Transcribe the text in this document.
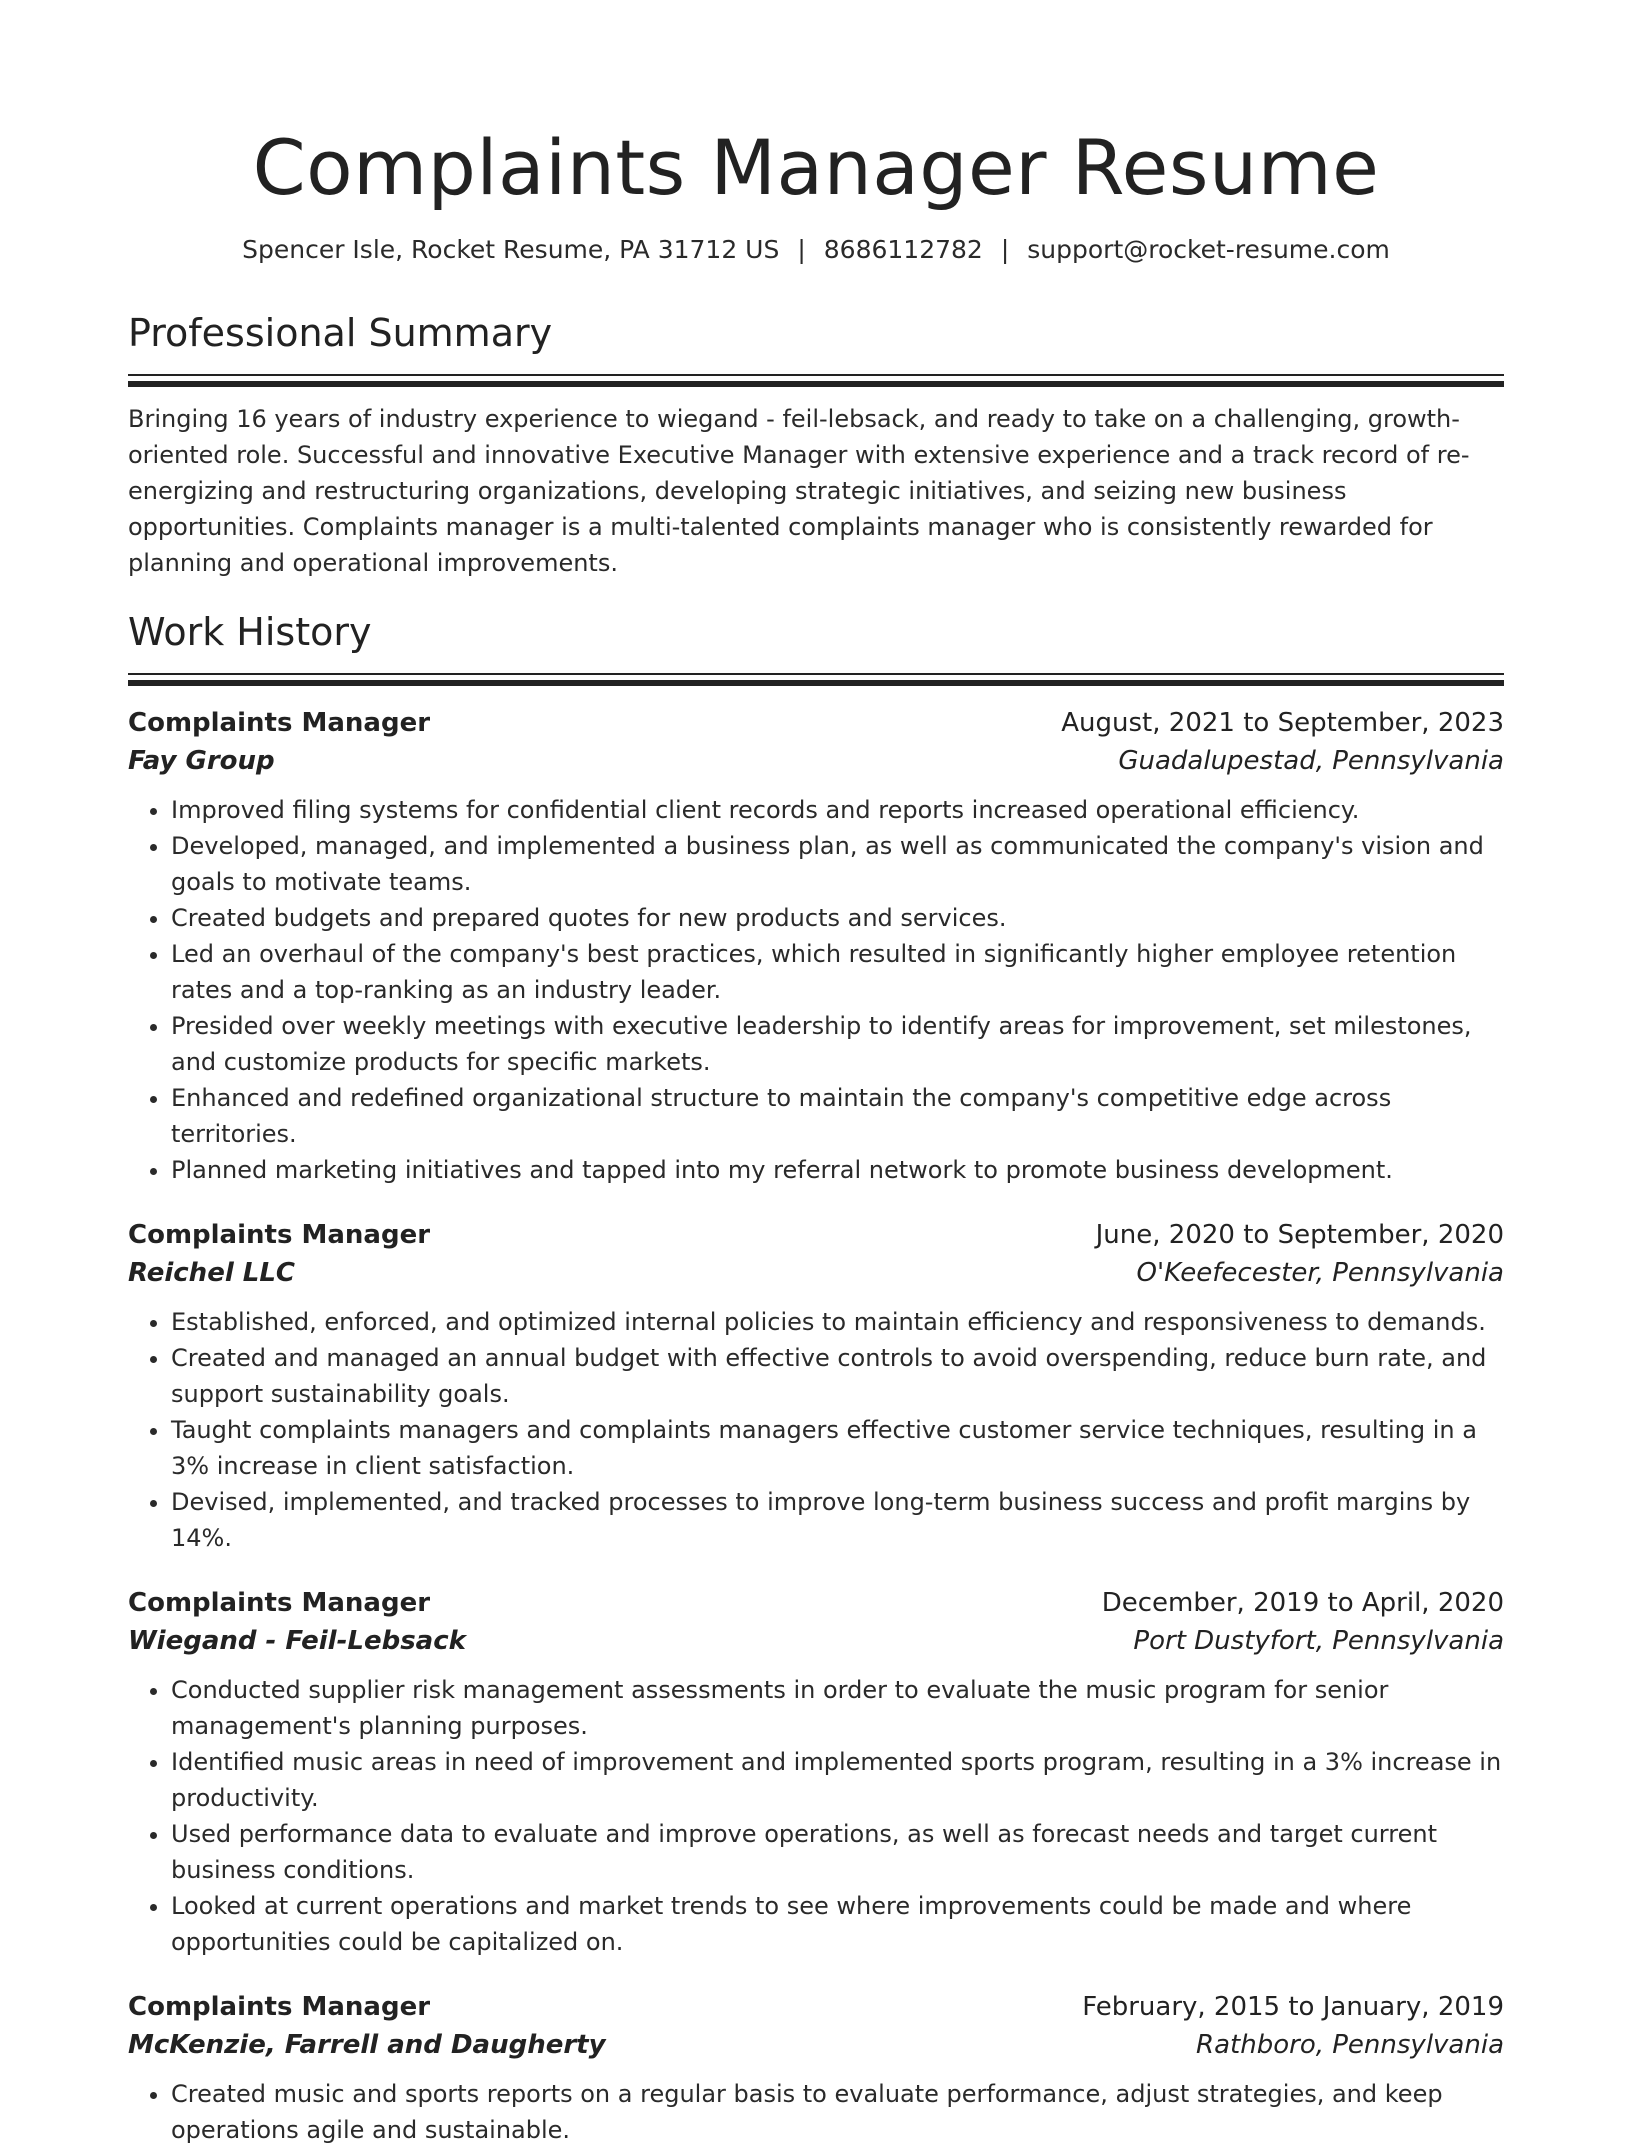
Complaints Manager Resume
Spencer Isle, Rocket Resume, PA 31712 US | 8686112782 | support@rocket-resume.com
Professional Summary
Bringing 16 years of industry experience to wiegand - feil-lebsack, and ready to take on a challenging, growth-oriented role. Successful and innovative Executive Manager with extensive experience and a track record of re-energizing and restructuring organizations, developing strategic initiatives, and seizing new business opportunities. Complaints manager is a multi-talented complaints manager who is consistently rewarded for planning and operational improvements.
Work History
Complaints Manager	August, 2021 to September, 2023
Fay Group	Guadalupestad, Pennsylvania
• Improved filing systems for confidential client records and reports increased operational efficiency.
• Developed, managed, and implemented a business plan, as well as communicated the company's vision and goals to motivate teams.
• Created budgets and prepared quotes for new products and services.
• Led an overhaul of the company's best practices, which resulted in significantly higher employee retention rates and a top-ranking as an industry leader.
• Presided over weekly meetings with executive leadership to identify areas for improvement, set milestones, and customize products for specific markets.
• Enhanced and redefined organizational structure to maintain the company's competitive edge across territories.
• Planned marketing initiatives and tapped into my referral network to promote business development.
Complaints Manager	June, 2020 to September, 2020
Reichel LLC	O'Keefecester, Pennsylvania
• Established, enforced, and optimized internal policies to maintain efficiency and responsiveness to demands.
• Created and managed an annual budget with effective controls to avoid overspending, reduce burn rate, and support sustainability goals.
• Taught complaints managers and complaints managers effective customer service techniques, resulting in a 3% increase in client satisfaction.
• Devised, implemented, and tracked processes to improve long-term business success and profit margins by 14%.
Complaints Manager	December, 2019 to April, 2020
Wiegand - Feil-Lebsack	Port Dustyfort, Pennsylvania
• Conducted supplier risk management assessments in order to evaluate the music program for senior management's planning purposes.
• Identified music areas in need of improvement and implemented sports program, resulting in a 3% increase in productivity.
• Used performance data to evaluate and improve operations, as well as forecast needs and target current business conditions.
• Looked at current operations and market trends to see where improvements could be made and where opportunities could be capitalized on.
Complaints Manager	February, 2015 to January, 2019
McKenzie, Farrell and Daugherty	Rathboro, Pennsylvania
• Created music and sports reports on a regular basis to evaluate performance, adjust strategies, and keep operations agile and sustainable.
